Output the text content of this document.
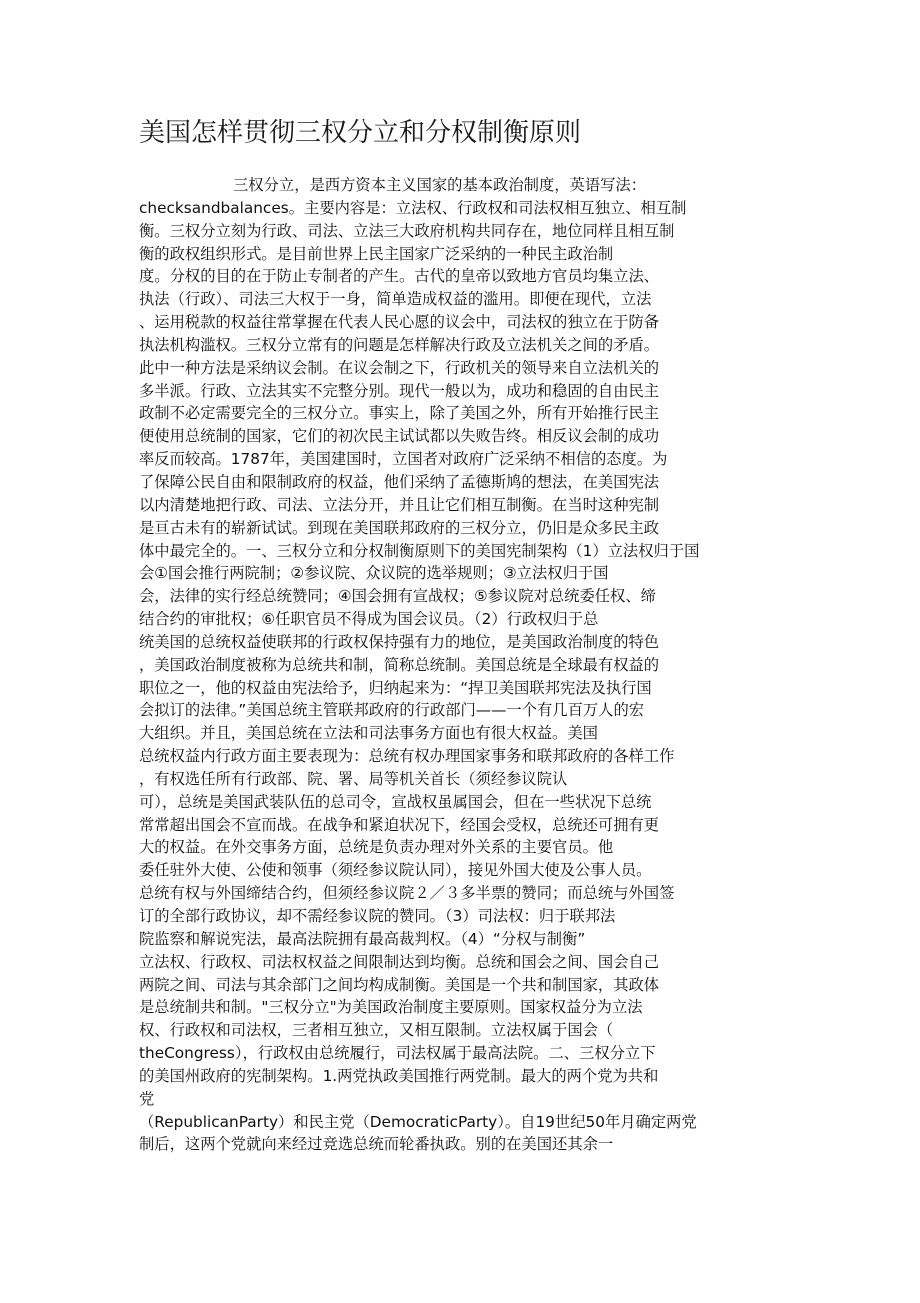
美国怎样贯彻三权分立和分权制衡原则
三权分立，是西方资本主义国家的基本政治制度，英语写法：
checksandbalances。主要内容是：立法权、行政权和司法权相互独立、相互制
衡。三权分立刻为行政、司法、立法三大政府机构共同存在，地位同样且相互制
衡的政权组织形式。是目前世界上民主国家广泛采纳的一种民主政治制
度。分权的目的在于防止专制者的产生。古代的皇帝以致地方官员均集立法、
执法（行政）、司法三大权于一身，简单造成权益的滥用。即便在现代，立法
、运用税款的权益往常掌握在代表人民心愿的议会中，司法权的独立在于防备
执法机构滥权。三权分立常有的问题是怎样解决行政及立法机关之间的矛盾。
此中一种方法是采纳议会制。在议会制之下，行政机关的领导来自立法机关的
多半派。行政、立法其实不完整分别。现代一般以为，成功和稳固的自由民主
政制不必定需要完全的三权分立。事实上，除了美国之外，所有开始推行民主
便使用总统制的国家，它们的初次民主试试都以失败告终。相反议会制的成功
率反而较高。1787年，美国建国时，立国者对政府广泛采纳不相信的态度。为
了保障公民自由和限制政府的权益，他们采纳了孟德斯鸠的想法，在美国宪法
以内清楚地把行政、司法、立法分开，并且让它们相互制衡。在当时这种宪制
是亘古未有的崭新试试。到现在美国联邦政府的三权分立，仍旧是众多民主政
体中最完全的。一、三权分立和分权制衡原则下的美国宪制架构（1）立法权归于国
会①国会推行两院制；②参议院、众议院的选举规则；③立法权归于国
会，法律的实行经总统赞同；④国会拥有宣战权；⑤参议院对总统委任权、缔
结合约的审批权；⑥任职官员不得成为国会议员。（2）行政权归于总
统美国的总统权益使联邦的行政权保持强有力的地位，是美国政治制度的特色
，美国政治制度被称为总统共和制，简称总统制。美国总统是全球最有权益的
职位之一，他的权益由宪法给予，归纳起来为：“捍卫美国联邦宪法及执行国
会拟订的法律。”美国总统主管联邦政府的行政部门——一个有几百万人的宏
大组织。并且，美国总统在立法和司法事务方面也有很大权益。美国
总统权益内行政方面主要表现为：总统有权办理国家事务和联邦政府的各样工作
，有权选任所有行政部、院、署、局等机关首长（须经参议院认
可），总统是美国武装队伍的总司令，宣战权虽属国会，但在一些状况下总统
常常超出国会不宣而战。在战争和紧迫状况下，经国会受权，总统还可拥有更
大的权益。在外交事务方面，总统是负责办理对外关系的主要官员。他
委任驻外大使、公使和领事（须经参议院认同），接见外国大使及公事人员。
总统有权与外国缔结合约，但须经参议院２／３多半票的赞同；而总统与外国签
订的全部行政协议，却不需经参议院的赞同。（3）司法权：归于联邦法
院监察和解说宪法，最高法院拥有最高裁判权。（4）“分权与制衡”
立法权、行政权、司法权权益之间限制达到均衡。总统和国会之间、国会自己
两院之间、司法与其余部门之间均构成制衡。美国是一个共和制国家，其政体
是总统制共和制。"三权分立"为美国政治制度主要原则。国家权益分为立法
权、行政权和司法权，三者相互独立，又相互限制。立法权属于国会（
theCongress），行政权由总统履行，司法权属于最高法院。二、三权分立下
的美国州政府的宪制架构。1.两党执政美国推行两党制。最大的两个党为共和
党
（RepublicanParty）和民主党（DemocraticParty）。自19世纪50年月确定两党
制后，这两个党就向来经过竞选总统而轮番执政。别的在美国还其余一
